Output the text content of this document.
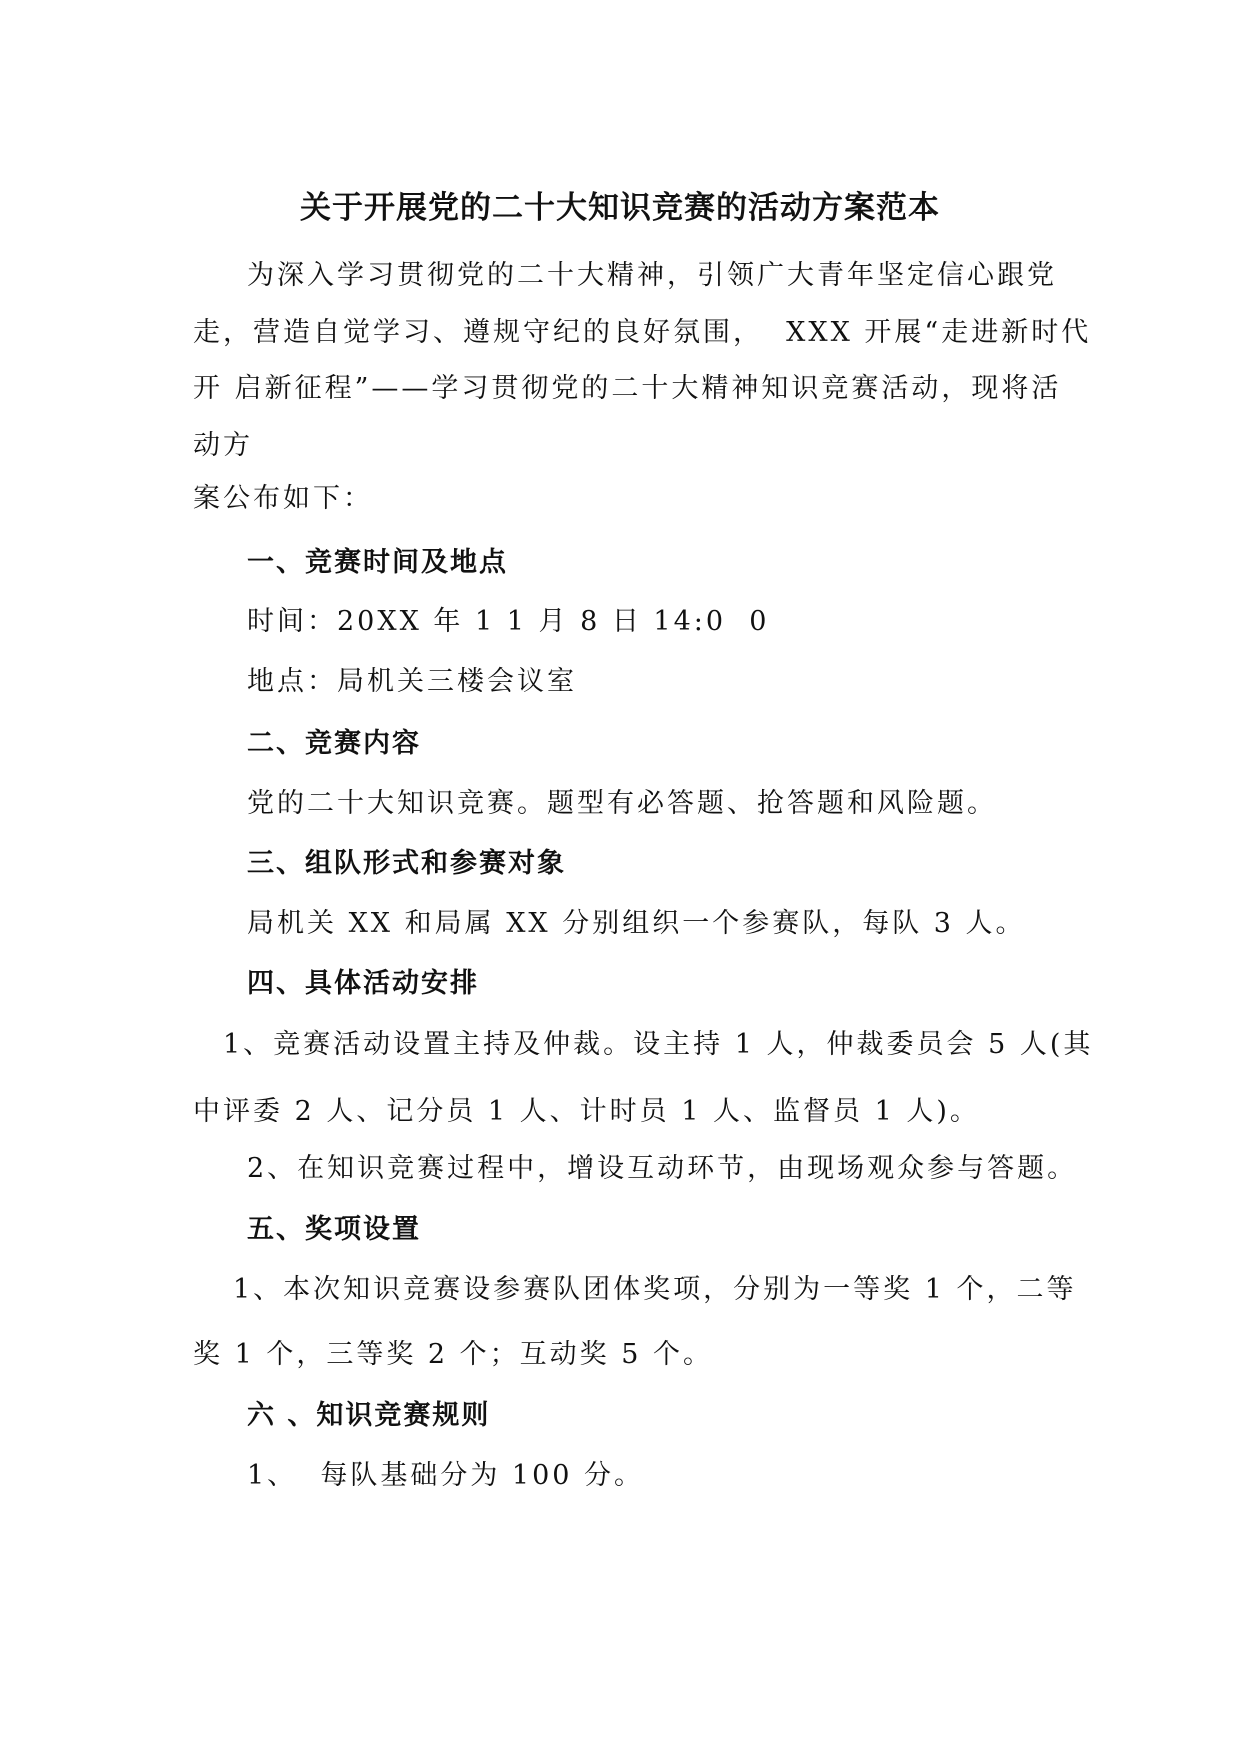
关于开展党的二十大知识竞赛的活动方案范本
为深入学习贯彻党的二十大精神，引领广大青年坚定信心跟党
走，营造自觉学习、遵规守纪的良好氛围，  XXX 开展“走进新时代
开 启新征程”——学习贯彻党的二十大精神知识竞赛活动，现将活
动方
案公布如下：
一、竞赛时间及地点
时间：20XX 年 1 1 月 8 日 14:0  0
地点：局机关三楼会议室
二、竞赛内容
党的二十大知识竞赛。题型有必答题、抢答题和风险题。
三、组队形式和参赛对象
局机关 XX 和局属 XX 分别组织一个参赛队，每队 3 人。
四、具体活动安排
1、竞赛活动设置主持及仲裁。设主持 1 人，仲裁委员会 5 人(其
中评委 2 人、记分员 1 人、计时员 1 人、监督员 1 人)。
2、在知识竞赛过程中，增设互动环节，由现场观众参与答题。
五、奖项设置
1、本次知识竞赛设参赛队团体奖项，分别为一等奖 1 个，二等
奖 1 个，三等奖 2 个；互动奖 5 个。
六 、知识竞赛规则
1、  每队基础分为 100 分。
